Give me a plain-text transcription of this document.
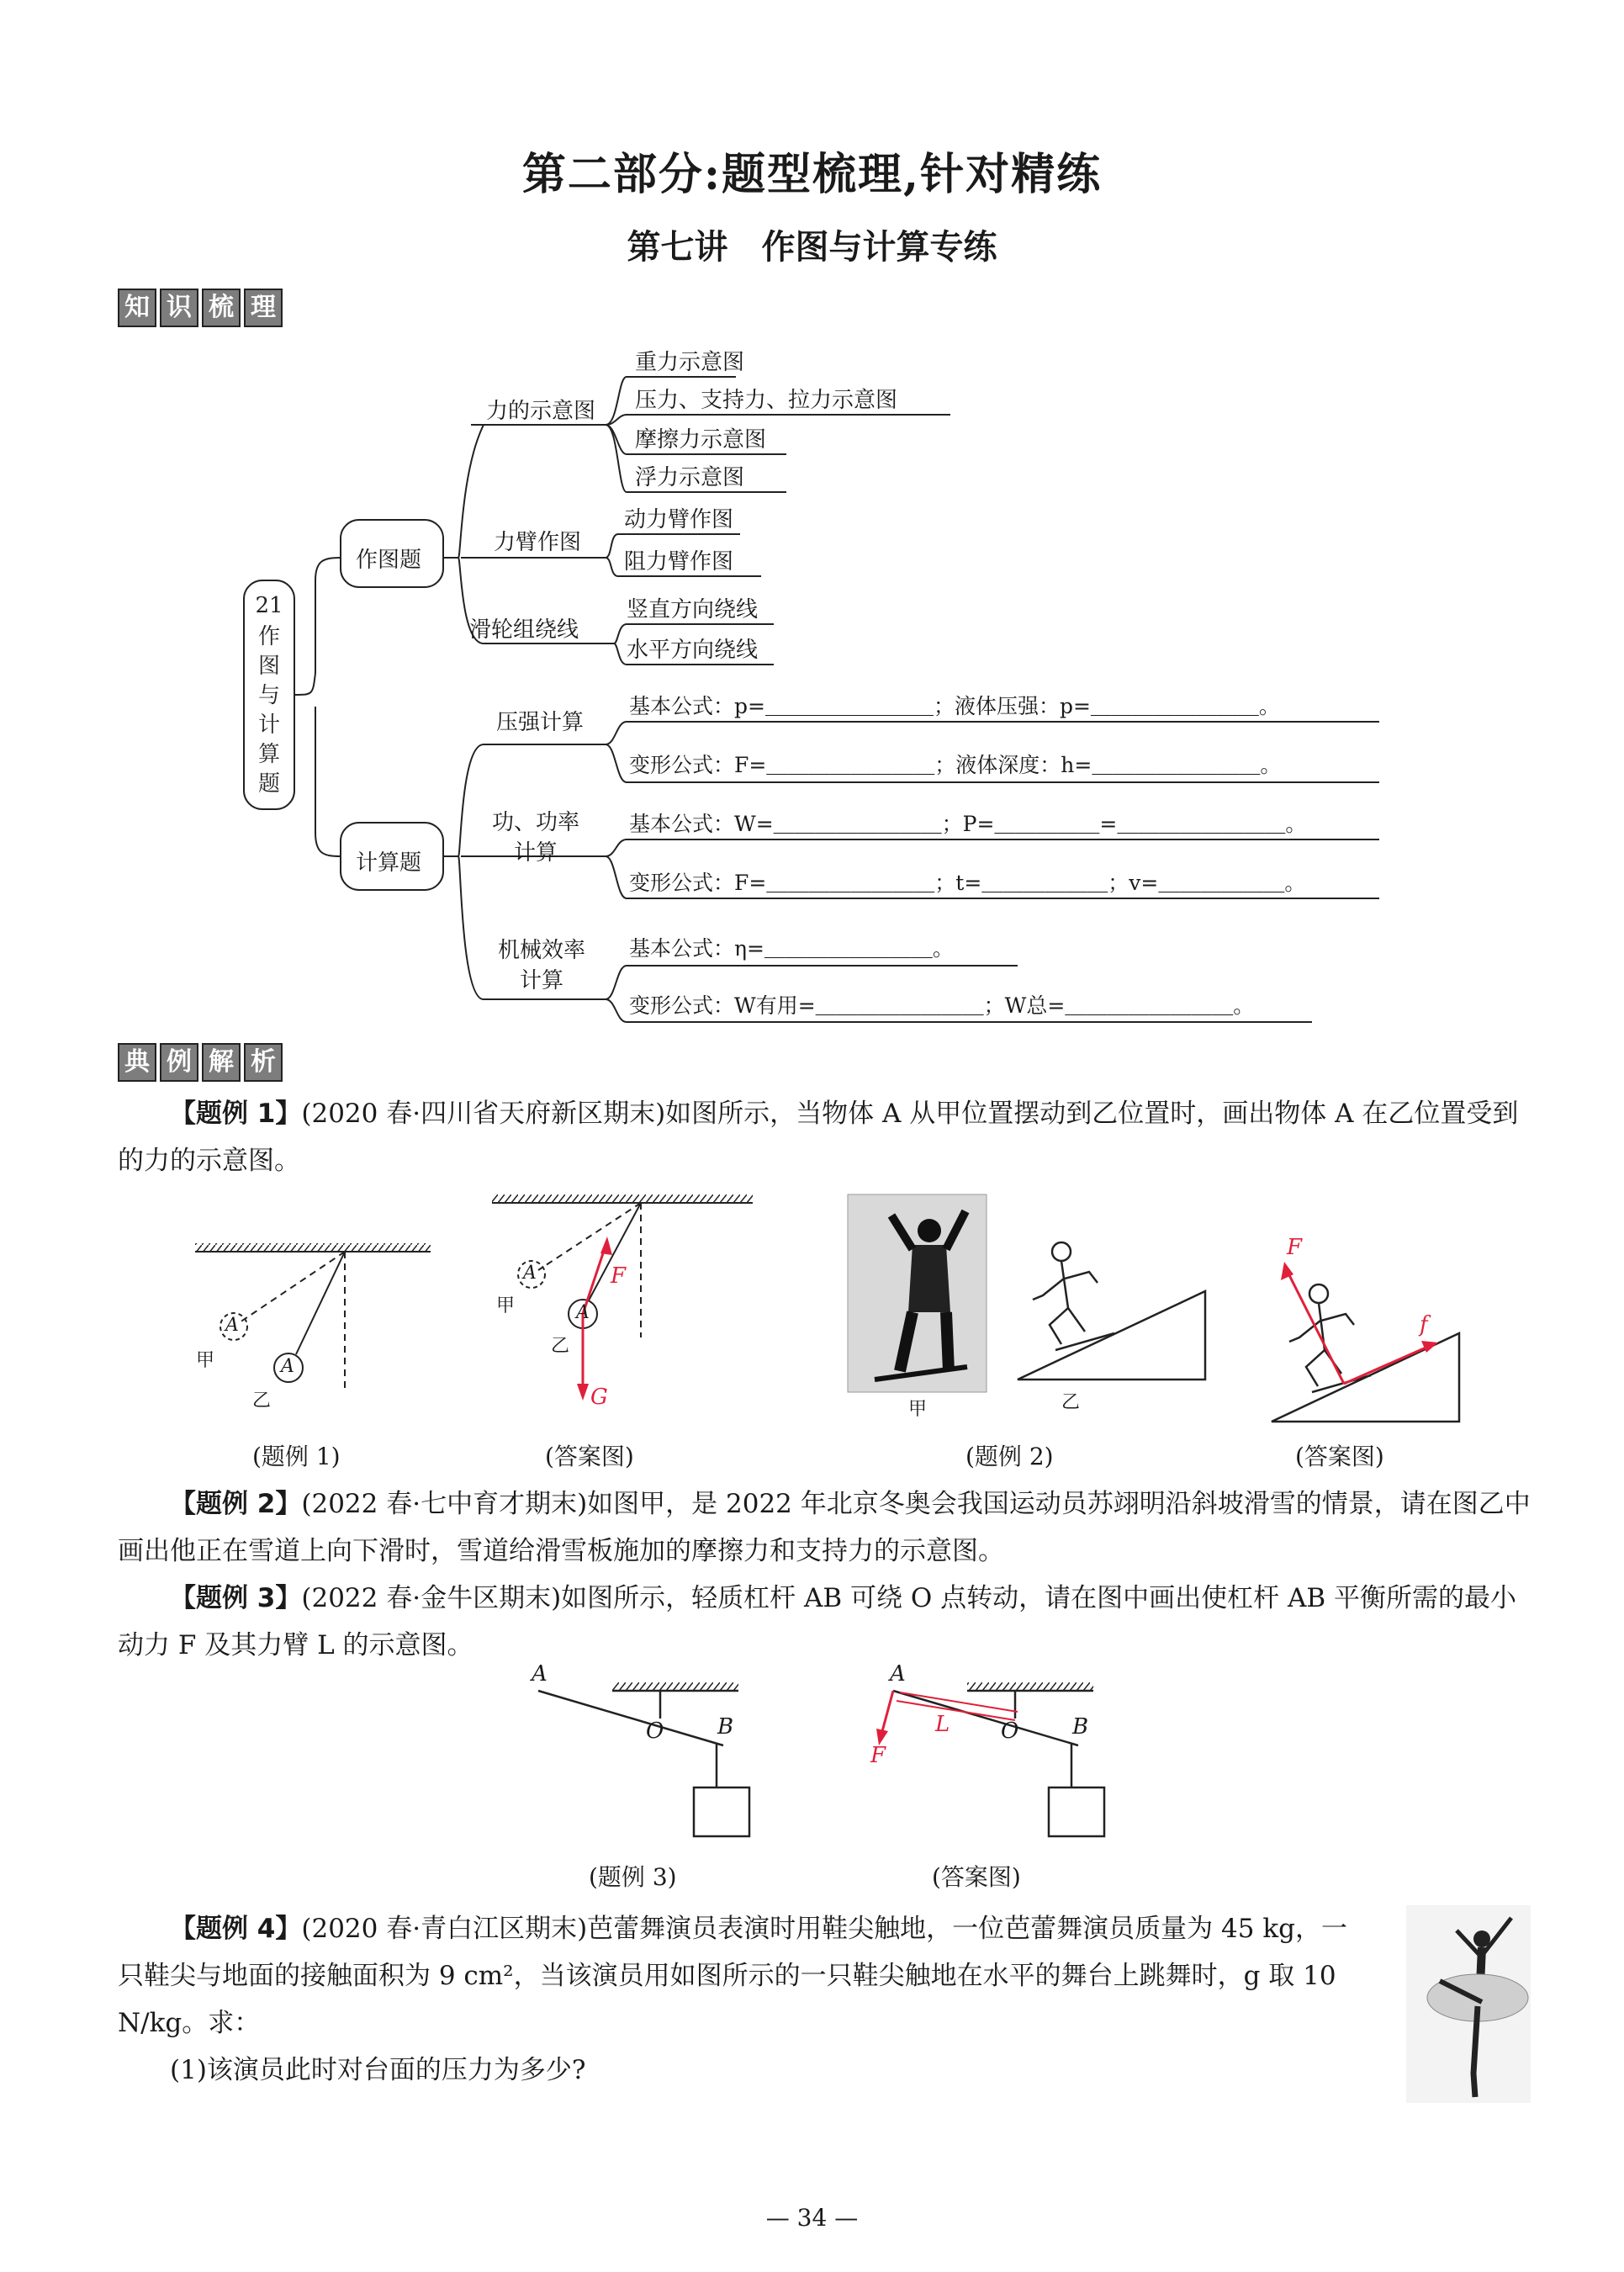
第二部分:题型梳理,针对精练
第七讲　作图与计算专练
知 识 梳 理
21
作
图
与
计
算
题
作图题
计算题
力的示意图
力臂作图
滑轮组绕线
重力示意图
压力、支持力、拉力示意图
摩擦力示意图
浮力示意图
动力臂作图
阻力臂作图
竖直方向绕线
水平方向绕线
压强计算
功、功率计算
机械效率计算
基本公式：p=＿＿＿＿＿＿＿＿；液体压强：p=＿＿＿＿＿＿＿＿。
变形公式：F=＿＿＿＿＿＿＿＿；液体深度：h=＿＿＿＿＿＿＿＿。
基本公式：W=＿＿＿＿＿＿＿＿；P=＿＿＿＿＿=＿＿＿＿＿＿＿＿。
变形公式：F=＿＿＿＿＿＿＿＿；t=＿＿＿＿＿＿；v=＿＿＿＿＿＿。
基本公式：η=＿＿＿＿＿＿＿＿。
变形公式：W有用=＿＿＿＿＿＿＿＿；W总=＿＿＿＿＿＿＿＿。
典 例 解 析
【题例 1】(2020 春·四川省天府新区期末)如图所示，当物体 A 从甲位置摆动到乙位置时，画出物体 A 在乙位置受到的力的示意图。
A
甲	A
乙
A
甲	A
乙
F
G	甲	乙
F
f
(题例 1)	(答案图)	(题例 2)	(答案图)
【题例 2】(2022 春·七中育才期末)如图甲，是 2022 年北京冬奥会我国运动员苏翊明沿斜坡滑雪的情景，请在图乙中画出他正在雪道上向下滑时，雪道给滑雪板施加的摩擦力和支持力的示意图。
【题例 3】(2022 春·金牛区期末)如图所示，轻质杠杆 AB 可绕 O 点转动，请在图中画出使杠杆 AB 平衡所需的最小动力 F 及其力臂 L 的示意图。
A
O B
A
O B
F
L
(题例 3)	(答案图)
【题例 4】(2020 春·青白江区期末)芭蕾舞演员表演时用鞋尖触地，一位芭蕾舞演员质量为 45 kg，一只鞋尖与地面的接触面积为 9 cm²，当该演员用如图所示的一只鞋尖触地在水平的舞台上跳舞时，g 取 10 N/kg。求：
(1)该演员此时对台面的压力为多少?
— 34 —
